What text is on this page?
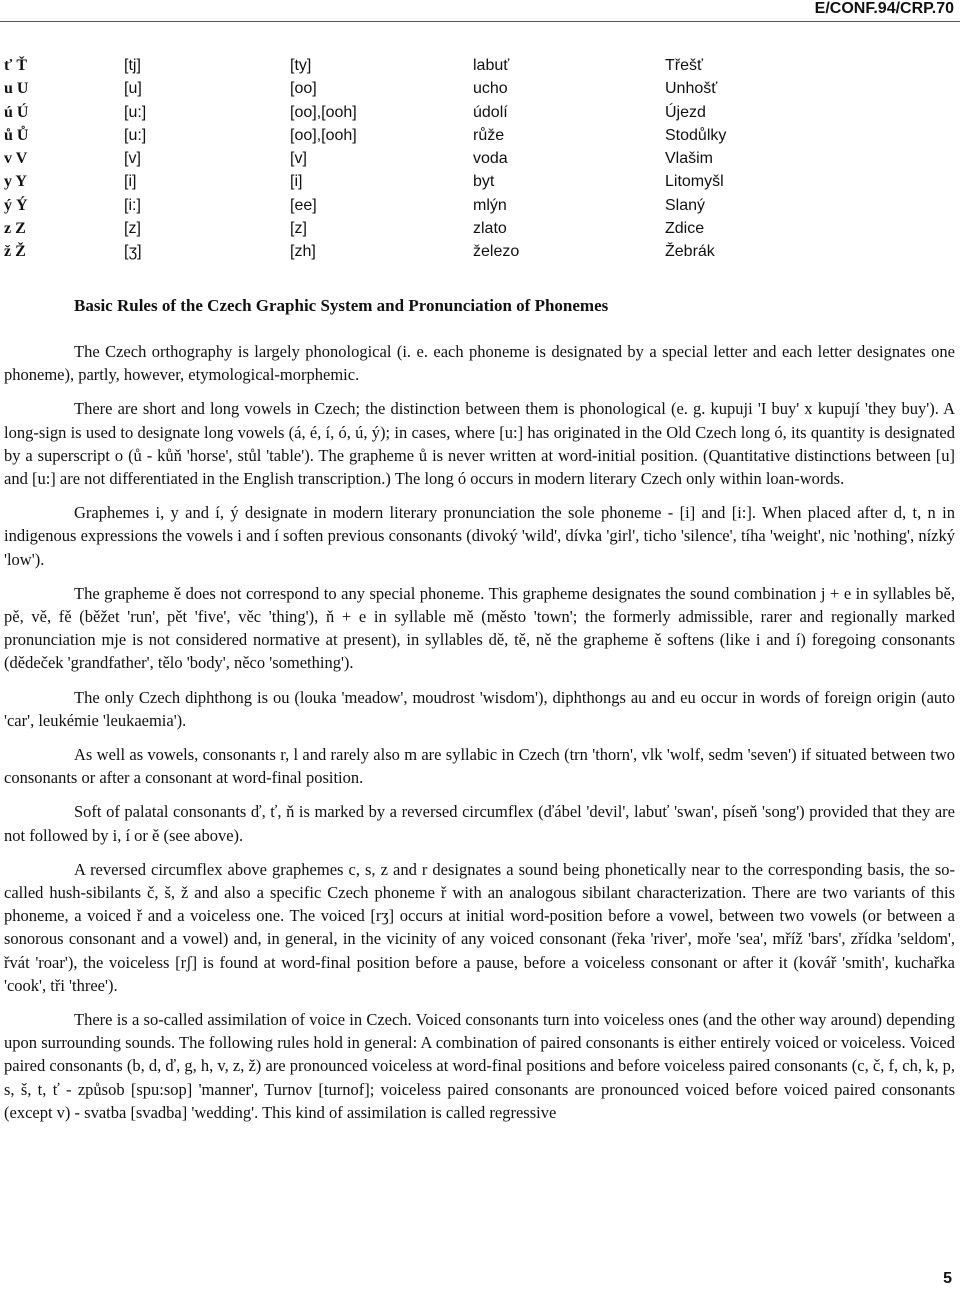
E/CONF.94/CRP.70
ť Ť	[tj]	[ty]	labuť	Třešť
u U	[u]	[oo]	ucho	Unhošť
ú Ú	[u:]	[oo],[ooh]	údolí	Újezd
ů Ů	[u:]	[oo],[ooh]	růže	Stodůlky
v V	[v]	[v]	voda	Vlašim
y Y	[i]	[i]	byt	Litomyšl
ý Ý	[i:]	[ee]	mlýn	Slaný
z Z	[z]	[z]	zlato	Zdice
ž Ž	[ʒ]	[zh]	železo	Žebrák
Basic Rules of the Czech Graphic System and Pronunciation of Phonemes

The Czech orthography is largely phonological (i. e. each phoneme is designated by a special letter and each letter designates one phoneme), partly, however, etymological-morphemic.

There are short and long vowels in Czech; the distinction between them is phonological (e. g. kupuji 'I buy' x kupují 'they buy'). A long-sign is used to designate long vowels (á, é, í, ó, ú, ý); in cases, where [u:] has originated in the Old Czech long ó, its quantity is designated by a superscript o (ů - kůň 'horse', stůl 'table'). The grapheme ů is never written at word-initial position. (Quantitative distinctions between [u] and [u:] are not differentiated in the English transcription.) The long ó occurs in modern literary Czech only within loan-words.

Graphemes i, y and í, ý designate in modern literary pronunciation the sole phoneme - [i] and [i:]. When placed after d, t, n in indigenous expressions the vowels i and í soften previous consonants (divoký 'wild', dívka 'girl', ticho 'silence', tíha 'weight', nic 'nothing', nízký 'low').

The grapheme ě does not correspond to any special phoneme. This grapheme designates the sound combination j + e in syllables bě, pě, vě, fě (běžet 'run', pět 'five', věc 'thing'), ň + e in syllable mě (město 'town'; the formerly admissible, rarer and regionally marked pronunciation mje is not considered normative at present), in syllables dě, tě, ně the grapheme ě softens (like i and í) foregoing consonants (dědeček 'grandfather', tělo 'body', něco 'something').

The only Czech diphthong is ou (louka 'meadow', moudrost 'wisdom'), diphthongs au and eu occur in words of foreign origin (auto 'car', leukémie 'leukaemia').

As well as vowels, consonants r, l and rarely also m are syllabic in Czech (trn 'thorn', vlk 'wolf, sedm 'seven') if situated between two consonants or after a consonant at word-final position.

Soft of palatal consonants ď, ť, ň is marked by a reversed circumflex (ďábel 'devil', labuť 'swan', píseň 'song') provided that they are not followed by i, í or ě (see above).

A reversed circumflex above graphemes c, s, z and r designates a sound being phonetically near to the corresponding basis, the so-called hush-sibilants č, š, ž and also a specific Czech phoneme ř with an analogous sibilant characterization. There are two variants of this phoneme, a voiced ř and a voiceless one. The voiced [rʒ] occurs at initial word-position before a vowel, between two vowels (or between a sonorous consonant and a vowel) and, in general, in the vicinity of any voiced consonant (řeka 'river', moře 'sea', mříž 'bars', zřídka 'seldom', řvát 'roar'), the voiceless [rʃ] is found at word-final position before a pause, before a voiceless consonant or after it (kovář 'smith', kuchařka 'cook', tři 'three').

There is a so-called assimilation of voice in Czech. Voiced consonants turn into voiceless ones (and the other way around) depending upon surrounding sounds. The following rules hold in general: A combination of paired consonants is either entirely voiced or voiceless. Voiced paired consonants (b, d, ď, g, h, v, z, ž) are pronounced voiceless at word-final positions and before voiceless paired consonants (c, č, f, ch, k, p, s, š, t, ť - způsob [spu:sop] 'manner', Turnov [turnof]; voiceless paired consonants are pronounced voiced before voiced paired consonants (except v) - svatba [svadba] 'wedding'. This kind of assimilation is called regressive

5
